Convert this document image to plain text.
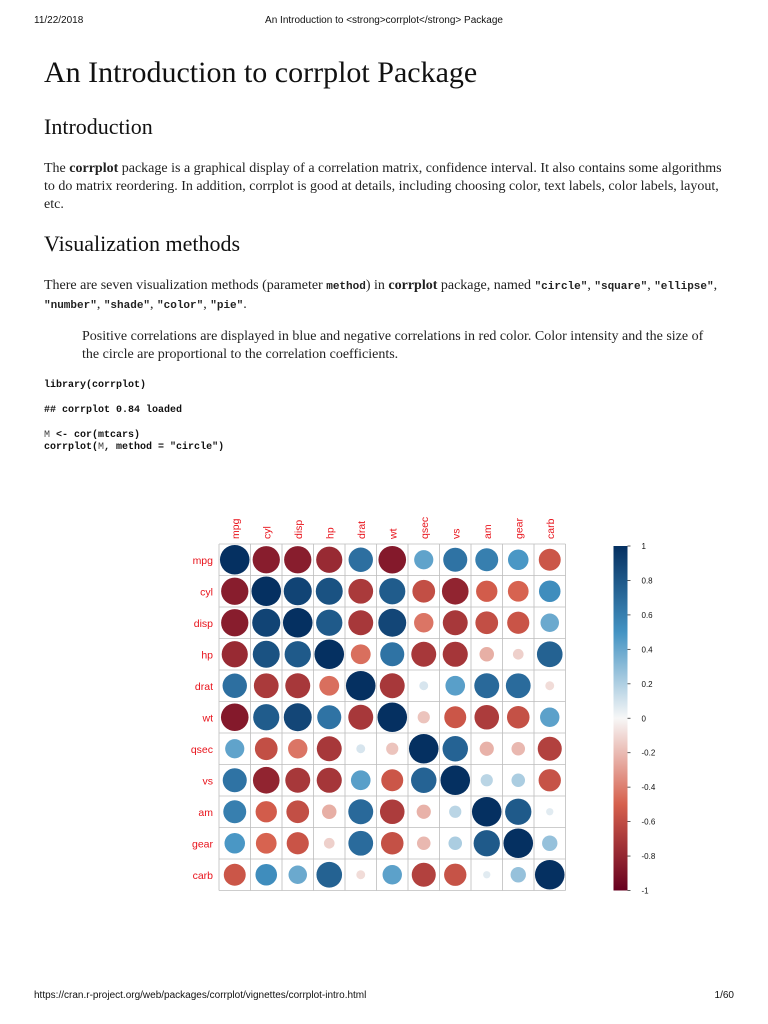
11/22/2018	An Introduction to <strong>corrplot</strong> Package
An Introduction to corrplot Package
Introduction

The corrplot package is a graphical display of a correlation matrix, confidence interval. It also contains some algorithms to do matrix reordering. In addition, corrplot is good at details, including choosing color, text labels, color labels, layout, etc.

Visualization methods

There are seven visualization methods (parameter method) in corrplot package, named "circle", "square", "ellipse", "number", "shade", "color", "pie".

Positive correlations are displayed in blue and negative correlations in red color. Color intensity and the size of the circle are proportional to the correlation coefficients.
library(corrplot)
## corrplot 0.84 loaded
M <- cor(mtcars)
corrplot(M, method = "circle")
mpg
cyl
disp
hp
drat
wt
qsec
vs
am
gear
carb
mpg cyl disp hp drat wt qsec vs am gear carb
1
0.8
0.6
0.4
0.2
0
-0.2
-0.4
-0.6
-0.8
-1
https://cran.r-project.org/web/packages/corrplot/vignettes/corrplot-intro.html	1/60
